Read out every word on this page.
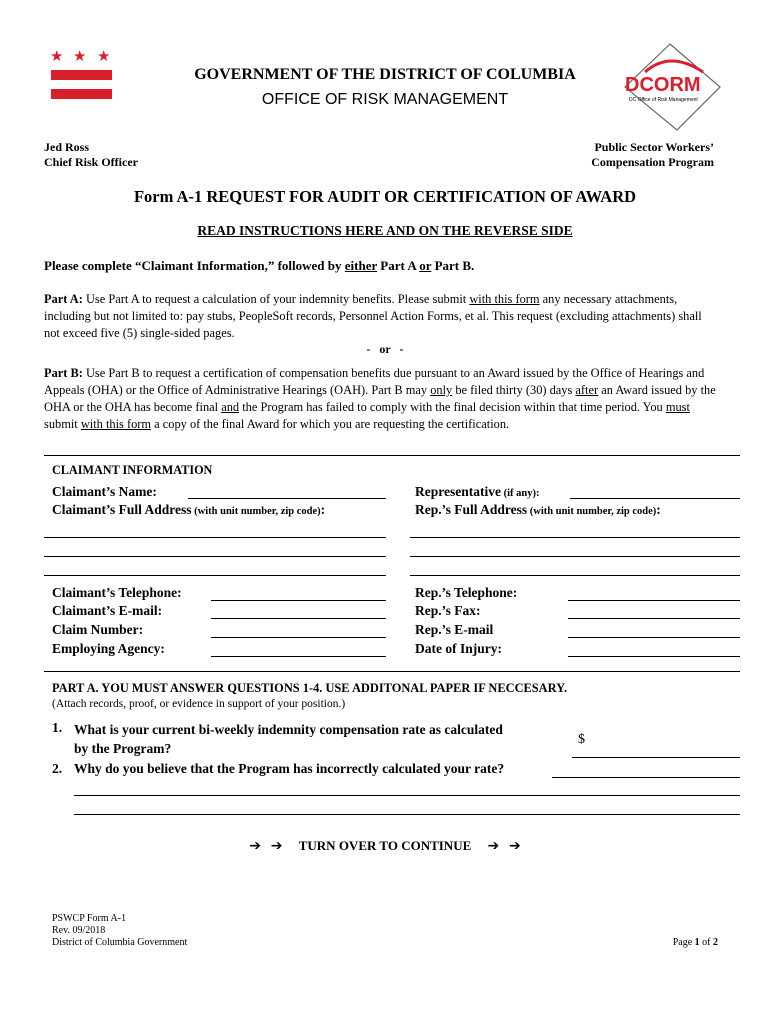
★ ★ ★
GOVERNMENT OF THE DISTRICT OF COLUMBIA
OFFICE OF RISK MANAGEMENT
DCORM
DC Office of Risk Management
Jed Ross
Chief Risk Officer
Public Sector Workers’
Compensation Program
Form A-1 REQUEST FOR AUDIT OR CERTIFICATION OF AWARD
READ INSTRUCTIONS HERE AND ON THE REVERSE SIDE
Please complete “Claimant Information,” followed by either Part A or Part B.
Part A: Use Part A to request a calculation of your indemnity benefits. Please submit with this form any necessary attachments, including but not limited to: pay stubs, PeopleSoft records, Personnel Action Forms, et al. This request (excluding attachments) shall not exceed five (5) single-sided pages.
-   or   -
Part B: Use Part B to request a certification of compensation benefits due pursuant to an Award issued by the Office of Hearings and Appeals (OHA) or the Office of Administrative Hearings (OAH). Part B may only be filed thirty (30) days after an Award issued by the OHA or the OHA has become final and the Program has failed to comply with the final decision within that time period. You must submit with this form a copy of the final Award for which you are requesting the certification.
CLAIMANT INFORMATION
Claimant’s Name:
Claimant’s Full Address (with unit number, zip code):
Representative (if any):
Rep.’s Full Address (with unit number, zip code):
Claimant’s Telephone:
Claimant’s E-mail:
Claim Number:
Employing Agency:
Rep.’s Telephone:
Rep.’s Fax:
Rep.’s E-mail
Date of Injury:
PART A. YOU MUST ANSWER QUESTIONS 1-4. USE ADDITONAL PAPER IF NECCESARY.
(Attach records, proof, or evidence in support of your position.)
1. What is your current bi-weekly indemnity compensation rate as calculated
by the Program?
$
2. Why do you believe that the Program has incorrectly calculated your rate?
➔ ➔ TURN OVER TO CONTINUE ➔ ➔
PSWCP Form A-1
Rev. 09/2018
District of Columbia Government	Page 1 of 2
